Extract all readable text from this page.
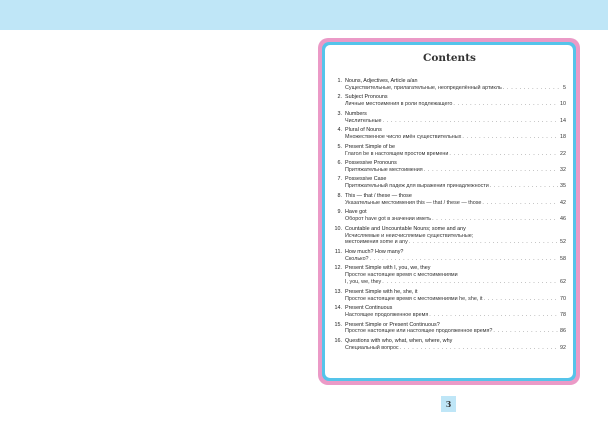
Contents
1. Nouns, Adjectives, Article a/an
Существительные, прилагательные, неопределённый артикль . . .	5
2. Subject Pronouns
Личные местоимения в роли подлежащего . . .	10
3. Numbers
Числительные . . .	14
4. Plural of Nouns
Множественное число имён существительных . . .	18
5. Present Simple of be
Глагол be в настоящем простом времени . . .	22
6. Possessive Pronouns
Притяжательные местоимения . . .	32
7. Possessive Case
Притяжательный падеж для выражения принадлежности . . .	35
8. This — that / these — those
Указательные местоимения this — that / these — those . . .	42
9. Have got
Оборот have got в значении иметь . . .	46
10. Countable and Uncountable Nouns; some and any
Исчисляемые и неисчисляемые существительные;
местоимения some и any . . .	52
11. How much? How many?
Сколько? . . .	58
12. Present Simple with I, you, we, they
Простое настоящее время с местоимениями
I, you, we, they . . .	62
13. Present Simple with he, she, it
Простое настоящее время с местоимениями he, she, it . . .	70
14. Present Continuous
Настоящее продолженное время . . .	78
15. Present Simple or Present Continuous?
Простое настоящее или настоящее продолженное время? . . .	86
16. Questions with who, what, when, where, why
Специальный вопрос . . .	92
3
